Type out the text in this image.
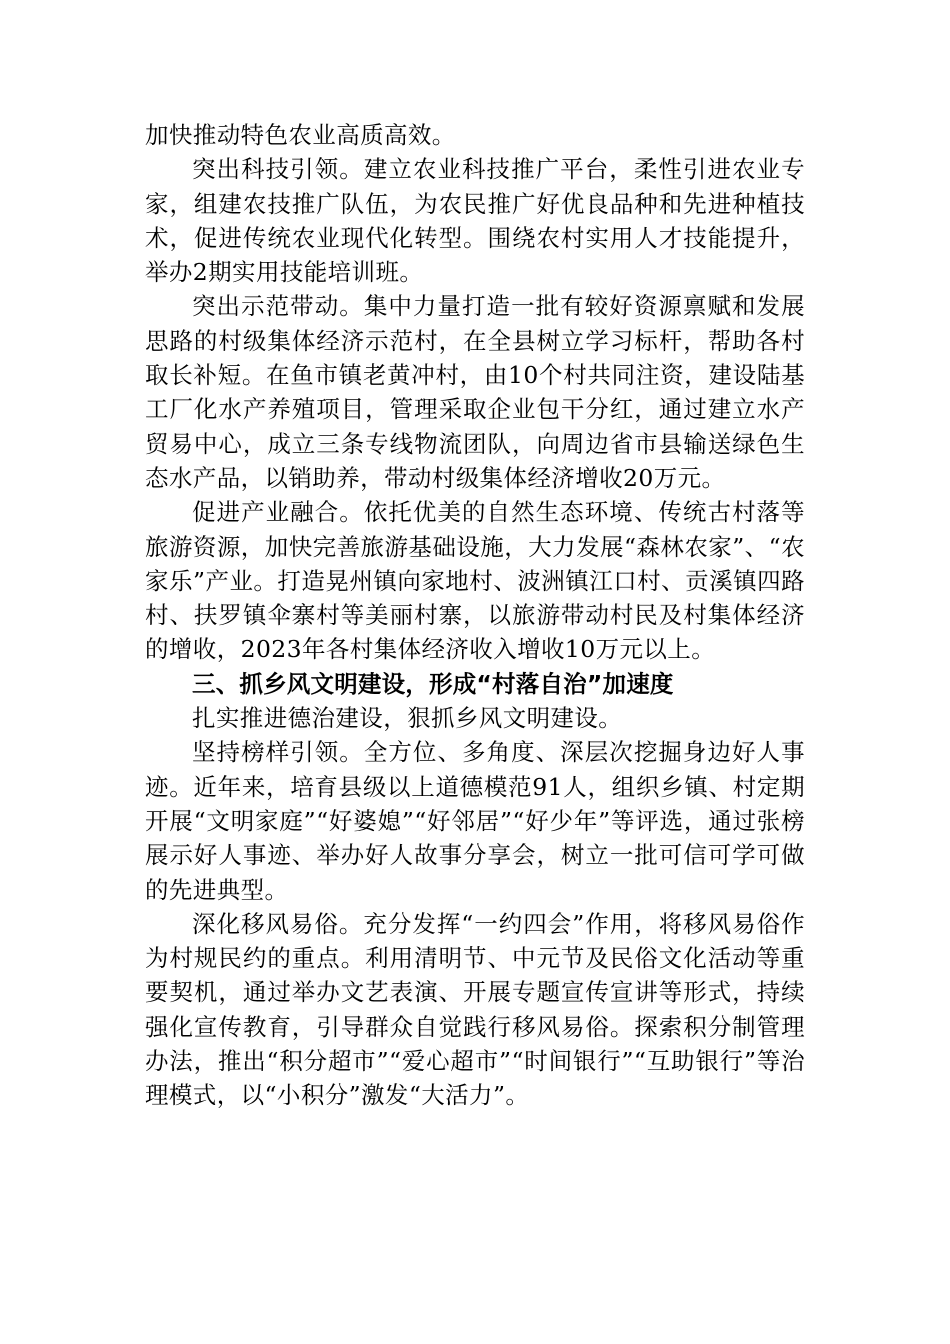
加快推动特色农业高质高效。

突出科技引领。建立农业科技推广平台，柔性引进农业专家，组建农技推广队伍，为农民推广好优良品种和先进种植技术，促进传统农业现代化转型。围绕农村实用人才技能提升，举办2期实用技能培训班。

突出示范带动。集中力量打造一批有较好资源禀赋和发展思路的村级集体经济示范村，在全县树立学习标杆，帮助各村取长补短。在鱼市镇老黄冲村，由10个村共同注资，建设陆基工厂化水产养殖项目，管理采取企业包干分红，通过建立水产贸易中心，成立三条专线物流团队，向周边省市县输送绿色生态水产品，以销助养，带动村级集体经济增收20万元。

促进产业融合。依托优美的自然生态环境、传统古村落等旅游资源，加快完善旅游基础设施，大力发展“森林农家”、“农家乐”产业。打造晃州镇向家地村、波洲镇江口村、贡溪镇四路村、扶罗镇伞寨村等美丽村寨，以旅游带动村民及村集体经济的增收，2023年各村集体经济收入增收10万元以上。

三、抓乡风文明建设，形成“村落自治”加速度

扎实推进德治建设，狠抓乡风文明建设。

坚持榜样引领。全方位、多角度、深层次挖掘身边好人事迹。近年来，培育县级以上道德模范91人，组织乡镇、村定期开展“文明家庭”“好婆媳”“好邻居”“好少年”等评选，通过张榜展示好人事迹、举办好人故事分享会，树立一批可信可学可做的先进典型。

深化移风易俗。充分发挥“一约四会”作用，将移风易俗作为村规民约的重点。利用清明节、中元节及民俗文化活动等重要契机，通过举办文艺表演、开展专题宣传宣讲等形式，持续强化宣传教育，引导群众自觉践行移风易俗。探索积分制管理办法，推出“积分超市”“爱心超市”“时间银行”“互助银行”等治理模式，以“小积分”激发“大活力”。
